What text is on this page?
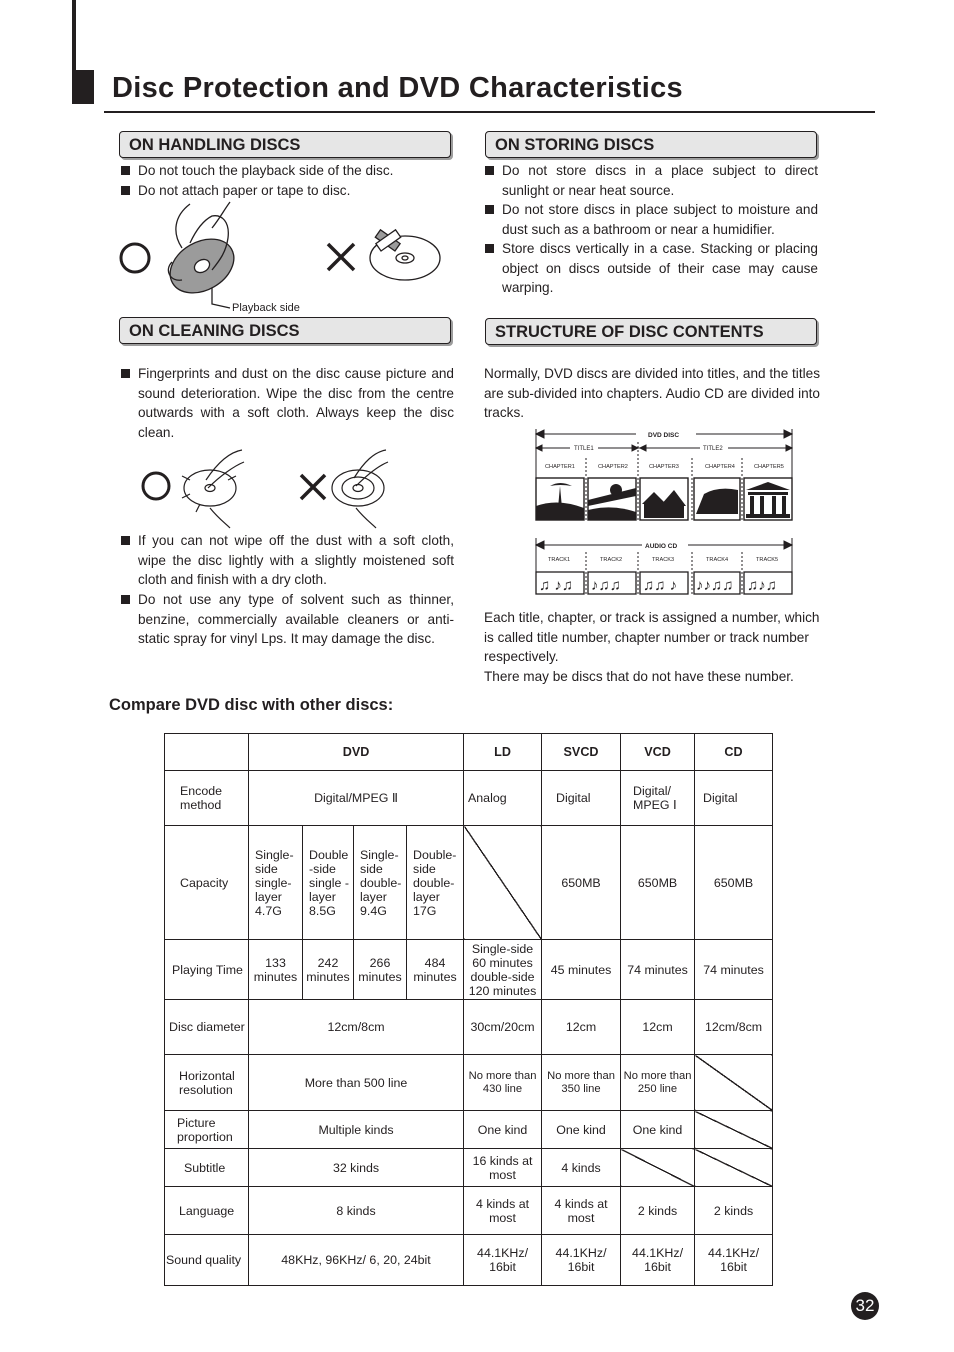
Disc Protection and DVD Characteristics
ON HANDLING DISCS
Do not touch the playback side of the disc.
Do not attach paper or tape to disc.
Playback side
ON STORING DISCS
Do not store discs in a place subject to direct sunlight or near heat source.
Do not store discs in place subject to moisture and dust such as a bathroom or near a humidifier.
Store discs vertically in a case. Stacking or placing object on discs outside of their case may cause warping.
ON CLEANING DISCS
Fingerprints and dust on the disc cause picture and sound deterioration. Wipe the disc from the centre outwards with a soft cloth. Always keep the disc clean.
If you can not wipe off the dust with a soft cloth, wipe the disc lightly with a slightly moistened soft cloth and finish with a dry cloth.
Do not use any type of solvent such as thinner, benzine, commercially available cleaners or anti-static spray for vinyl Lps. It may damage the disc.
STRUCTURE OF DISC CONTENTS
Normally, DVD discs are divided into titles, and the titles are sub-divided into chapters. Audio CD are divided into tracks.
DVD DISC
TITLE1	TITLE2
CHAPTER1	CHAPTER2	CHAPTER3	CHAPTER4	CHAPTER5
AUDIO CD
TRACK1	TRACK2	TRACK3	TRACK4	TRACK5
♫ ♪♫ ♪♫♫ ♫♫ ♪ ♪♪♫♫ ♫♪♫
Each title, chapter, or track is assigned a number, which is called title number, chapter number or track number respectively.
There may be discs that do not have these number.
Compare DVD disc with other discs:
	DVD				LD	SVCD	VCD	CD
Encode method	Digital/MPEG Ⅱ				Analog	Digital	Digital/ MPEG Ⅰ	Digital
Capacity	Single- side single- layer 4.7G	Double -side single -layer 8.5G	Single- side double- layer 9.4G	Double- side double- layer 17G		650MB	650MB	650MB
Playing Time	133 minutes	242 minutes	266 minutes	484 minutes	Single-side 60 minutes double-side 120 minutes	45 minutes	74 minutes	74 minutes
Disc diameter	12cm/8cm				30cm/20cm	12cm	12cm	12cm/8cm
Horizontal resolution	More than 500 line				No more than 430 line	No more than 350 line	No more than 250 line	
Picture proportion	Multiple kinds				One kind	One kind	One kind	
Subtitle	32 kinds				16 kinds at most	4 kinds		
Language	8 kinds				4 kinds at most	4 kinds at most	2 kinds	2 kinds
Sound quality	48KHz, 96KHz/ 6, 20, 24bit				44.1KHz/ 16bit	44.1KHz/ 16bit	44.1KHz/ 16bit	44.1KHz/ 16bit
32
